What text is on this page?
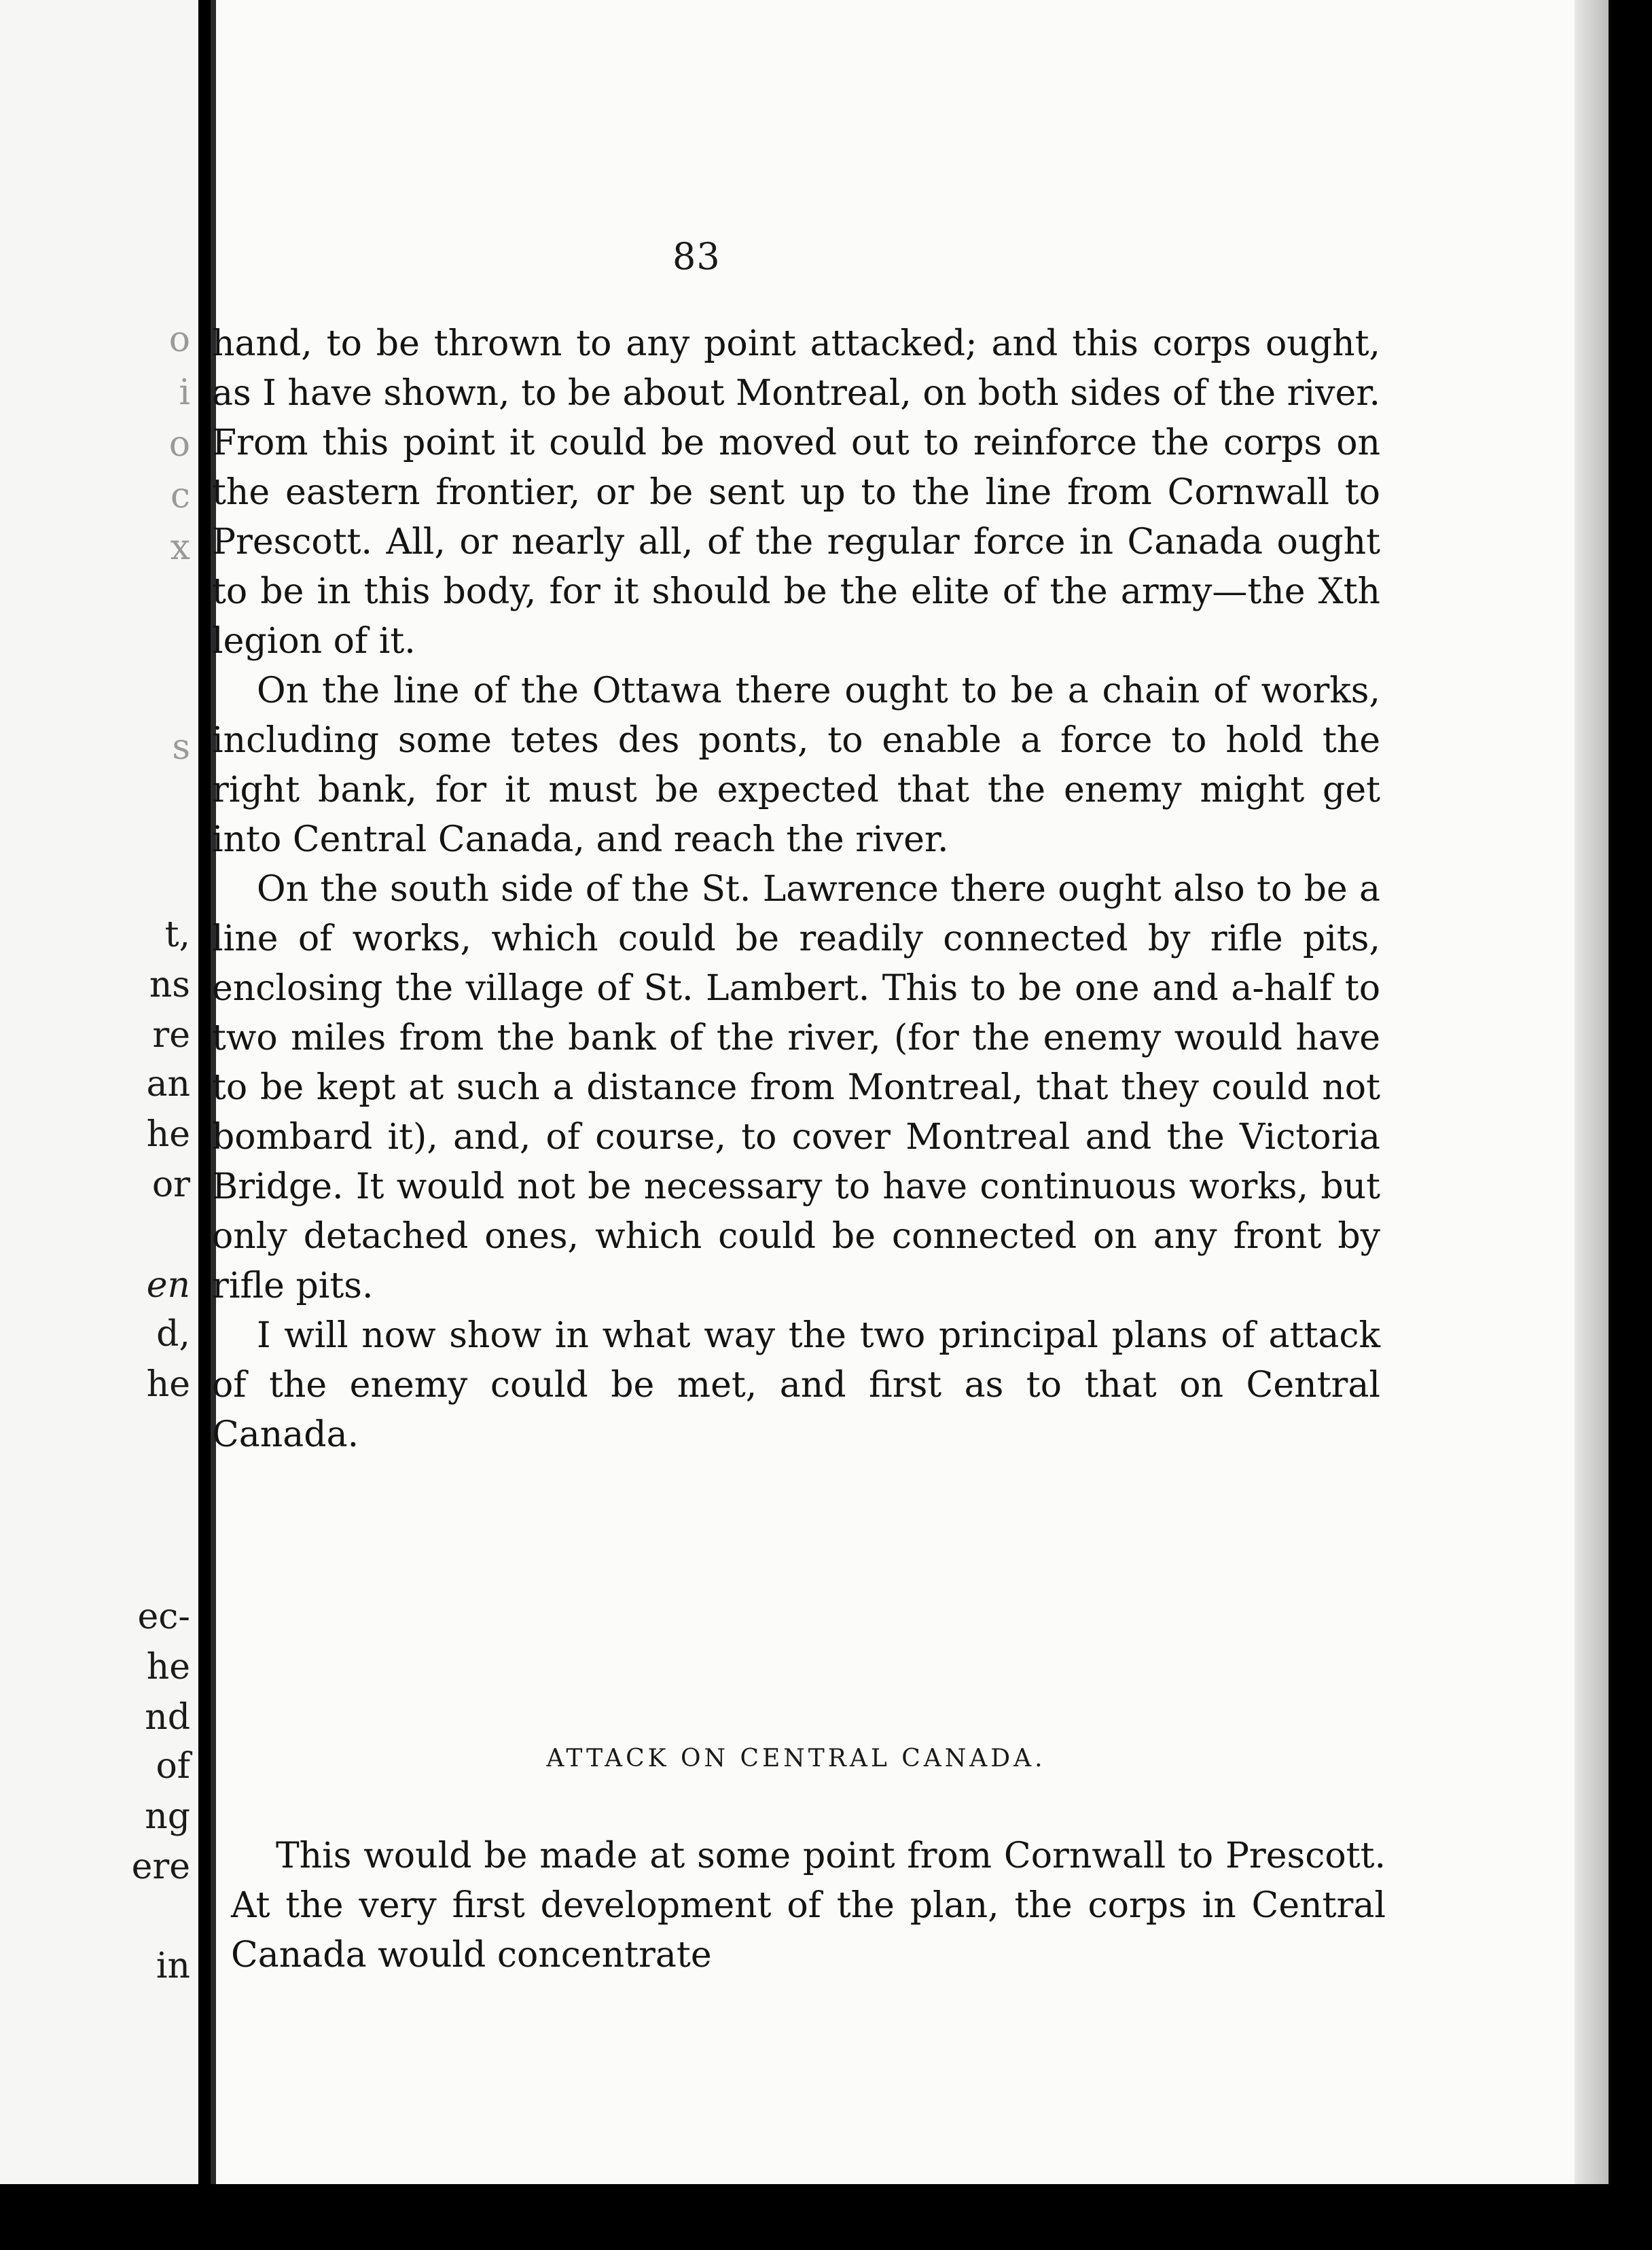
o
i
o
c
x
s
t,
ns
re
an
he
or
en
d,
he
ec-
he
nd
of
ng
ere
in
83

hand, to be thrown to any point attacked; and this corps ought, as I have shown, to be about Montreal, on both sides of the river. From this point it could be moved out to reinforce the corps on the eastern frontier, or be sent up to the line from Cornwall to Prescott. All, or nearly all, of the regular force in Canada ought to be in this body, for it should be the elite of the army—the Xth legion of it.

On the line of the Ottawa there ought to be a chain of works, including some tetes des ponts, to enable a force to hold the right bank, for it must be expected that the enemy might get into Central Canada, and reach the river.

On the south side of the St. Lawrence there ought also to be a line of works, which could be readily connected by rifle pits, enclosing the village of St. Lambert. This to be one and a-half to two miles from the bank of the river, (for the enemy would have to be kept at such a distance from Montreal, that they could not bombard it), and, of course, to cover Montreal and the Victoria Bridge. It would not be necessary to have continuous works, but only detached ones, which could be connected on any front by rifle pits.

I will now show in what way the two principal plans of attack of the enemy could be met, and first as to that on Central Canada.

ATTACK ON CENTRAL CANADA.

This would be made at some point from Cornwall to Prescott. At the very first development of the plan, the corps in Central Canada would concentrate
